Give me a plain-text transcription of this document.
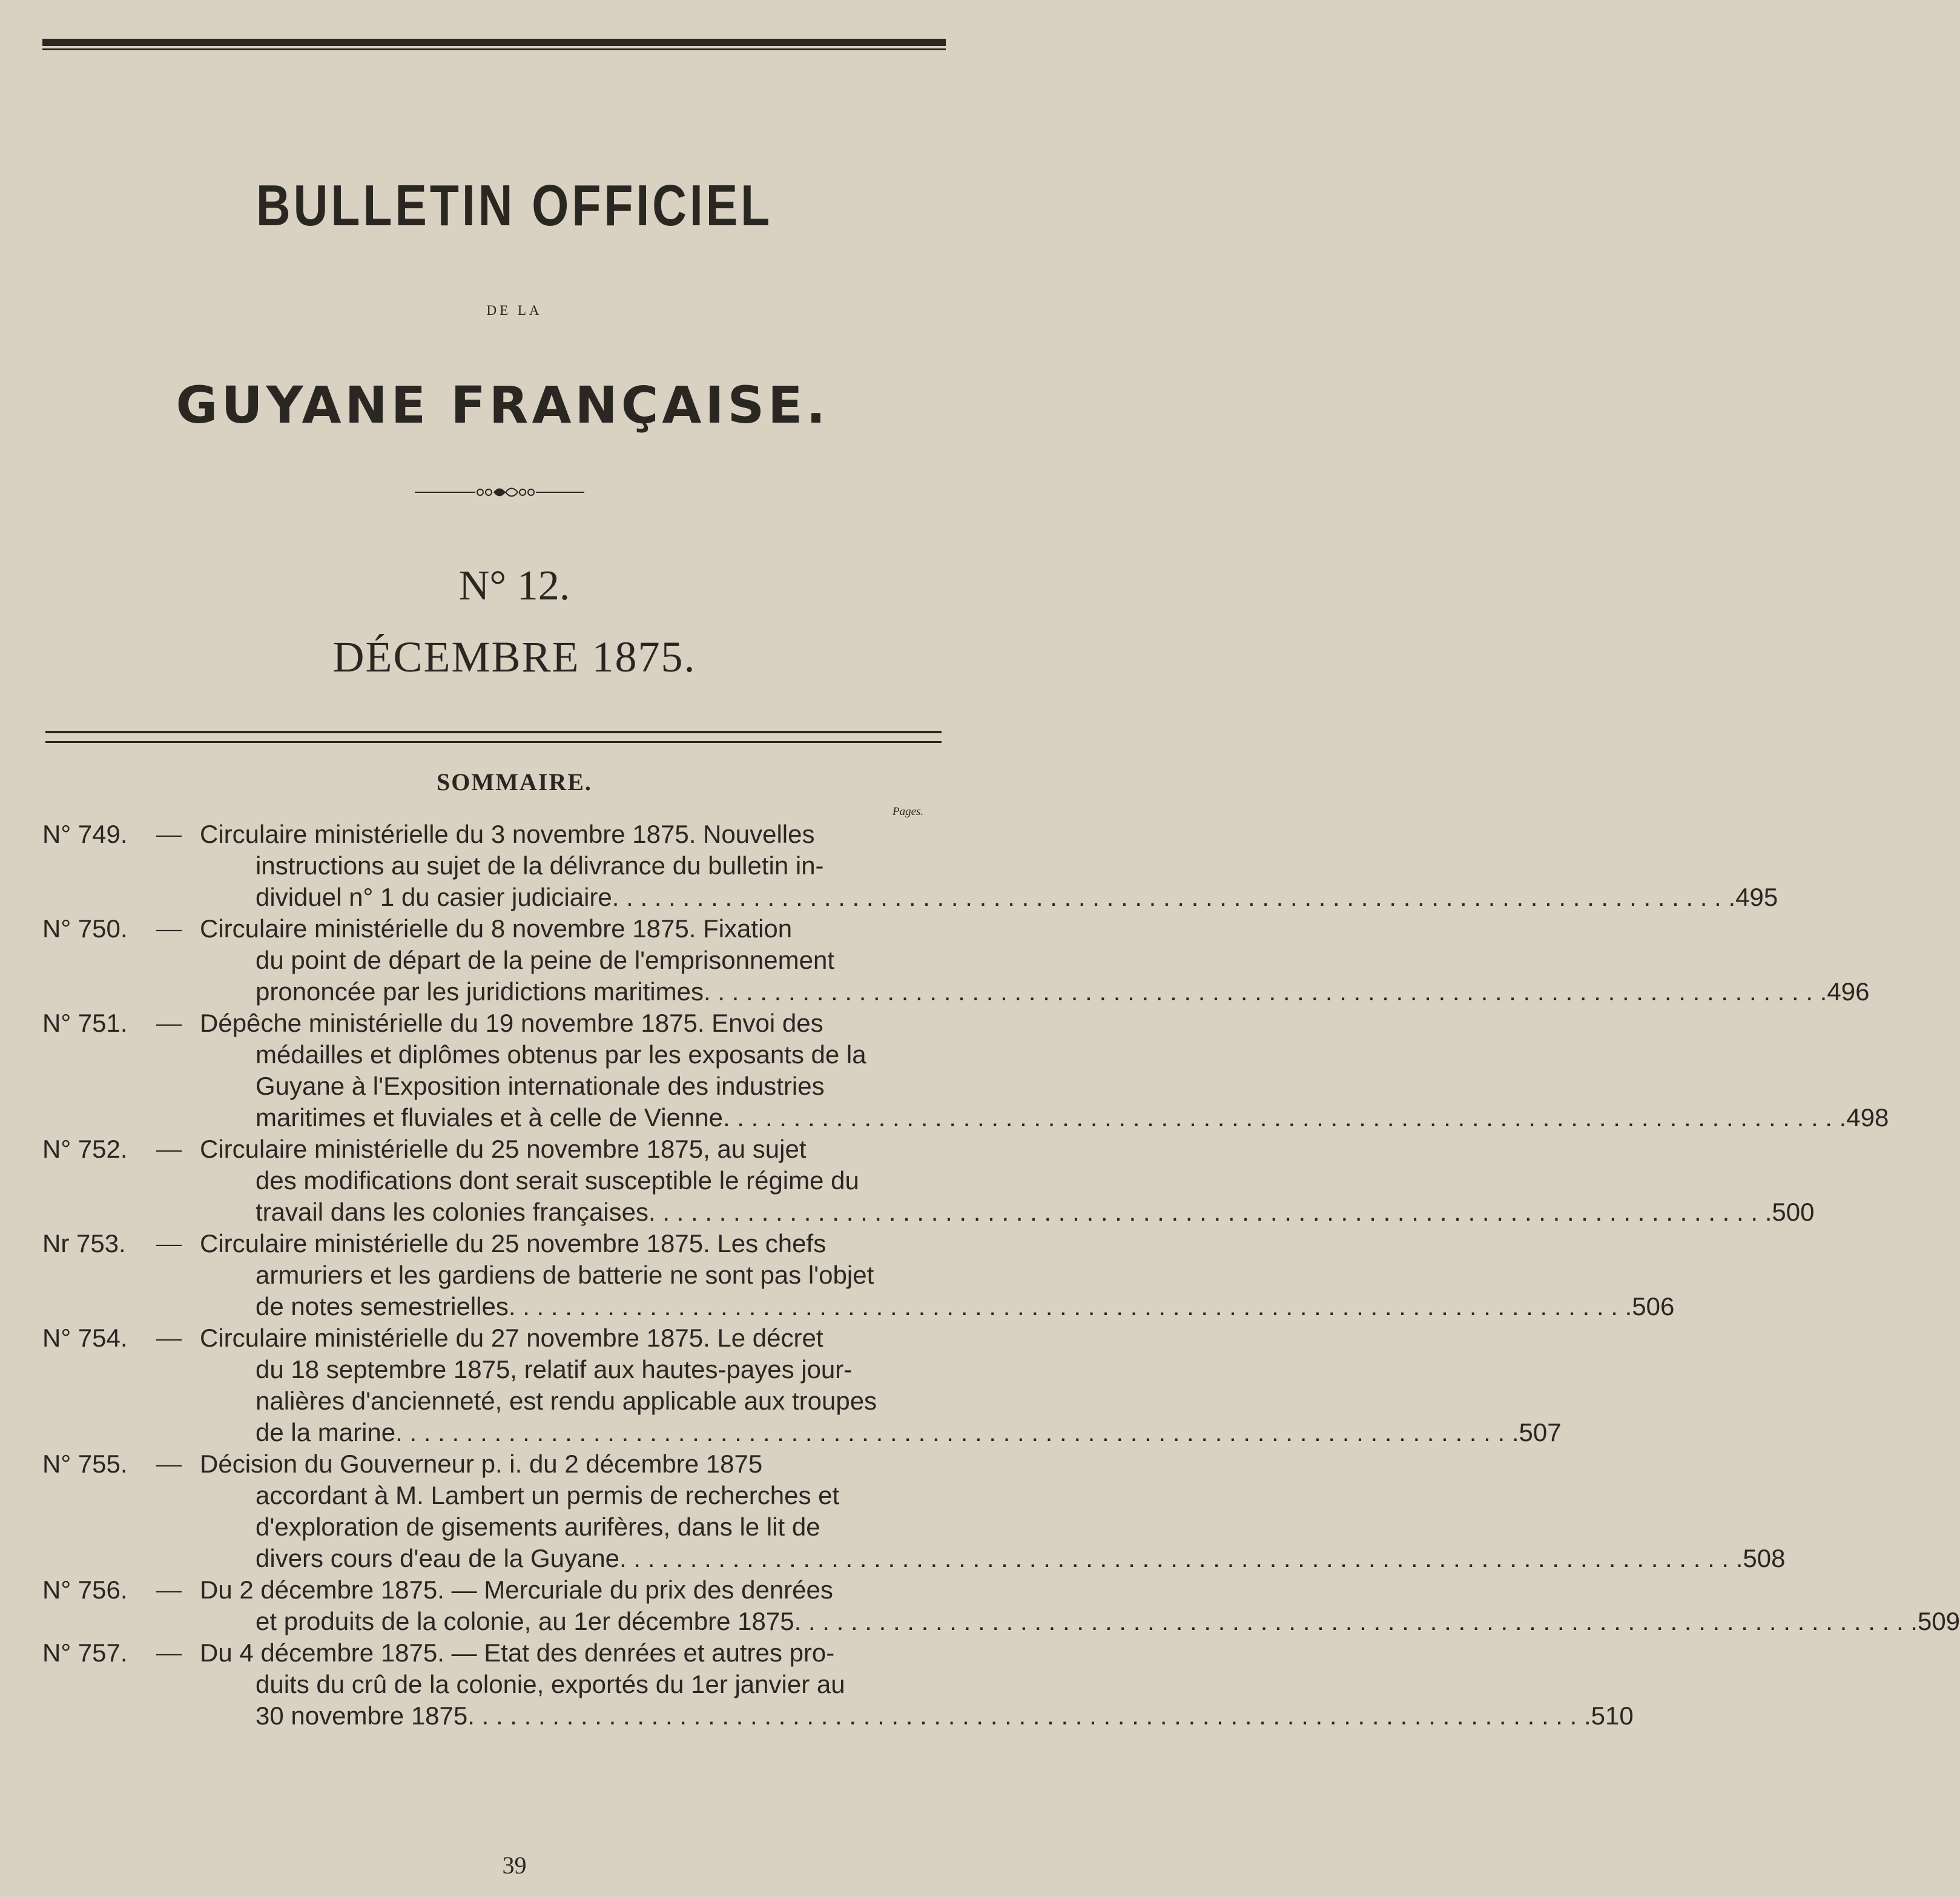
BULLETIN OFFICIEL
DE LA
GUYANE FRANÇAISE.
N° 12.
DÉCEMBRE 1875.
SOMMAIRE.
Pages.
N° 749.	— Circulaire ministérielle du 3 novembre 1875. Nouvelles
instructions au sujet de la délivrance du bulletin in-
dividuel n° 1 du casier judiciaire . . . . . . . . . . . . . . . . . . . . . . . . . . . . . . . . . . . . . . . . . . . . . . . . . . . . . . . . . . . . . . . . . . . . . . . . . . . . . . . . 495
N° 750.	— Circulaire ministérielle du 8 novembre 1875. Fixation
du point de départ de la peine de l'emprisonnement
prononcée par les juridictions maritimes . . . . . . . . . . . . . . . . . . . . . . . . . . . . . . . . . . . . . . . . . . . . . . . . . . . . . . . . . . . . . . . . . . . . . . . . . . . . . . . . 496
N° 751.	— Dépêche ministérielle du 19 novembre 1875. Envoi des
médailles et diplômes obtenus par les exposants de la
Guyane à l'Exposition internationale des industries
maritimes et fluviales et à celle de Vienne . . . . . . . . . . . . . . . . . . . . . . . . . . . . . . . . . . . . . . . . . . . . . . . . . . . . . . . . . . . . . . . . . . . . . . . . . . . . . . . . 498
N° 752.	— Circulaire ministérielle du 25 novembre 1875, au sujet
des modifications dont serait susceptible le régime du
travail dans les colonies françaises . . . . . . . . . . . . . . . . . . . . . . . . . . . . . . . . . . . . . . . . . . . . . . . . . . . . . . . . . . . . . . . . . . . . . . . . . . . . . . . . 500
Nr 753.	— Circulaire ministérielle du 25 novembre 1875. Les chefs
armuriers et les gardiens de batterie ne sont pas l'objet
de notes semestrielles . . . . . . . . . . . . . . . . . . . . . . . . . . . . . . . . . . . . . . . . . . . . . . . . . . . . . . . . . . . . . . . . . . . . . . . . . . . . . . . . 506
N° 754.	— Circulaire ministérielle du 27 novembre 1875. Le décret
du 18 septembre 1875, relatif aux hautes-payes jour-
nalières d'ancienneté, est rendu applicable aux troupes
de la marine . . . . . . . . . . . . . . . . . . . . . . . . . . . . . . . . . . . . . . . . . . . . . . . . . . . . . . . . . . . . . . . . . . . . . . . . . . . . . . . . 507
N° 755.	— Décision du Gouverneur p. i. du 2 décembre 1875
accordant à M. Lambert un permis de recherches et
d'exploration de gisements aurifères, dans le lit de
divers cours d'eau de la Guyane . . . . . . . . . . . . . . . . . . . . . . . . . . . . . . . . . . . . . . . . . . . . . . . . . . . . . . . . . . . . . . . . . . . . . . . . . . . . . . . . 508
N° 756.	— Du 2 décembre 1875. — Mercuriale du prix des denrées
et produits de la colonie, au 1er décembre 1875 . . . . . . . . . . . . . . . . . . . . . . . . . . . . . . . . . . . . . . . . . . . . . . . . . . . . . . . . . . . . . . . . . . . . . . . . . . . . . . . . 509
N° 757.	— Du 4 décembre 1875. — Etat des denrées et autres pro-
duits du crû de la colonie, exportés du 1er janvier au
30 novembre 1875 . . . . . . . . . . . . . . . . . . . . . . . . . . . . . . . . . . . . . . . . . . . . . . . . . . . . . . . . . . . . . . . . . . . . . . . . . . . . . . . . 510
39
